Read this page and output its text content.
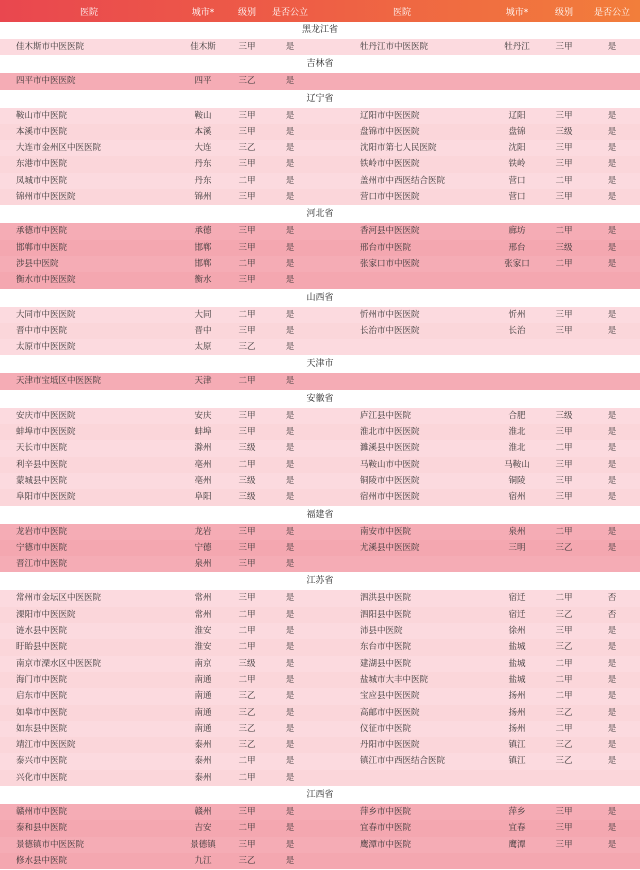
医院	城市*	级别	是否公立	医院	城市*	级别	是否公立
黑龙江省
佳木斯市中医医院	佳木斯	三甲	是	牡丹江市中医医院	牡丹江	三甲	是
吉林省
四平市中医医院	四平	三乙	是
辽宁省
鞍山市中医院	鞍山	三甲	是	辽阳市中医医院	辽阳	三甲	是
本溪市中医院	本溪	三甲	是	盘锦市中医医院	盘锦	三级	是
大连市金州区中医医院	大连	三乙	是	沈阳市第七人民医院	沈阳	三甲	是
东港市中医院	丹东	三甲	是	铁岭市中医医院	铁岭	三甲	是
凤城市中医院	丹东	二甲	是	盖州市中西医结合医院	营口	二甲	是
锦州市中医医院	锦州	三甲	是	营口市中医医院	营口	三甲	是
河北省
承德市中医院	承德	三甲	是	香河县中医医院	廊坊	二甲	是
邯郸市中医院	邯郸	三甲	是	邢台市中医院	邢台	三级	是
涉县中医院	邯郸	二甲	是	张家口市中医院	张家口	二甲	是
衡水市中医医院	衡水	三甲	是
山西省
大同市中医医院	大同	二甲	是	忻州市中医医院	忻州	三甲	是
晋中市中医院	晋中	三甲	是	长治市中医医院	长治	三甲	是
太原市中医医院	太原	三乙	是
天津市
天津市宝坻区中医医院	天津	二甲	是
安徽省
安庆市中医医院	安庆	三甲	是	庐江县中医院	合肥	三级	是
蚌埠市中医医院	蚌埠	三甲	是	淮北市中医医院	淮北	三甲	是
天长市中医院	滁州	三级	是	濉溪县中医医院	淮北	二甲	是
利辛县中医院	亳州	二甲	是	马鞍山市中医院	马鞍山	三甲	是
蒙城县中医院	亳州	三级	是	铜陵市中医医院	铜陵	三甲	是
阜阳市中医医院	阜阳	三级	是	宿州市中医医院	宿州	三甲	是
福建省
龙岩市中医院	龙岩	三甲	是	南安市中医院	泉州	二甲	是
宁德市中医院	宁德	三甲	是	尤溪县中医医院	三明	三乙	是
晋江市中医院	泉州	三甲	是
江苏省
常州市金坛区中医医院	常州	三甲	是	泗洪县中医院	宿迁	二甲	否
溧阳市中医医院	常州	二甲	是	泗阳县中医院	宿迁	三乙	否
涟水县中医院	淮安	二甲	是	沛县中医院	徐州	三甲	是
盱眙县中医院	淮安	二甲	是	东台市中医院	盐城	三乙	是
南京市溧水区中医医院	南京	三级	是	建湖县中医院	盐城	二甲	是
海门市中医院	南通	二甲	是	盐城市大丰中医院	盐城	二甲	是
启东市中医院	南通	三乙	是	宝应县中医医院	扬州	二甲	是
如皋市中医院	南通	三乙	是	高邮市中医医院	扬州	三乙	是
如东县中医院	南通	三乙	是	仪征市中医院	扬州	二甲	是
靖江市中医医院	泰州	三乙	是	丹阳市中医医院	镇江	三乙	是
泰兴市中医院	泰州	二甲	是	镇江市中西医结合医院	镇江	三乙	是
兴化市中医院	泰州	二甲	是
江西省
赣州市中医院	赣州	三甲	是	萍乡市中医院	萍乡	三甲	是
泰和县中医院	吉安	二甲	是	宜春市中医院	宜春	三甲	是
景德镇市中医医院	景德镇	三甲	是	鹰潭市中医院	鹰潭	三甲	是
修水县中医院	九江	三乙	是
